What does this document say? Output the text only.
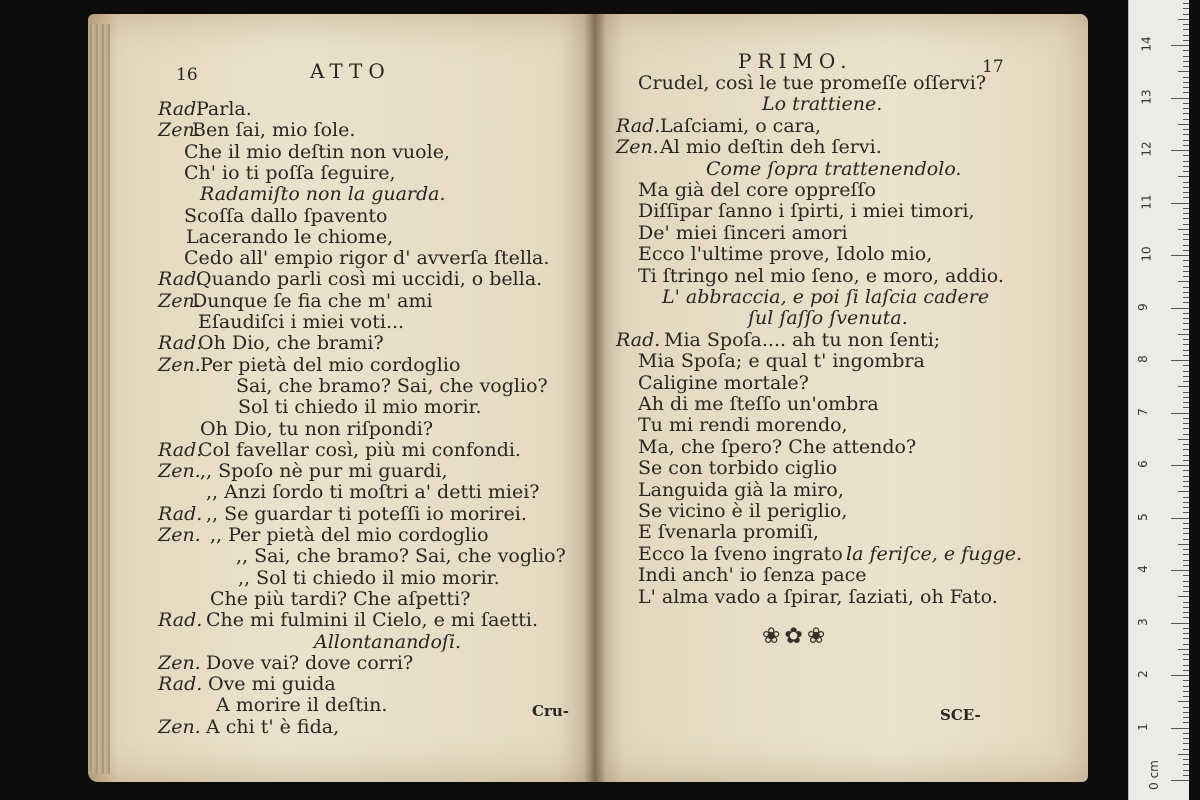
16	ATTO
Rad.
Parla.
Zen.
Ben ſai, mio ſole.
Che il mio deſtin non vuole,
Ch' io ti poſſa ſeguire,
Radamiſto non la guarda.
Scoſſa dallo ſpavento
Lacerando le chiome,
Cedo all' empio rigor d' avverſa ſtella.
Rad.
Quando parli così mi uccidi, o bella.
Zen.
Dunque ſe fia che m' ami
Eſaudiſci i miei voti...
Rad.
Oh Dio, che brami?
Zen. Per pietà del mio cordoglio
Sai, che bramo? Sai, che voglio?
Sol ti chiedo il mio morir.
Oh Dio, tu non riſpondi?
Rad.
Col favellar così, più mi confondi.
Zen. ,, Spoſo nè pur mi guardi,
,, Anzi ſordo ti moſtri a' detti miei?
Rad. ,, Se guardar ti poteſſi io morirei.
Zen. ,, Per pietà del mio cordoglio
,, Sai, che bramo? Sai, che voglio?
,, Sol ti chiedo il mio morir.
Che più tardi? Che aſpetti?
Rad. Che mi fulmini il Cielo, e mi ſaetti.
Allontanandoſi.
Zen. Dove vai? dove corri?
Rad. Ove mi guida
A morire il deſtin.
Zen. A chi t' è fida,
Cru-
PRIMO.	17
Crudel, così le tue promeſſe oſſervi?
Lo trattiene.
Rad. Laſciami, o cara,
Zen. Al mio deſtin deh ſervi.
Come ſopra trattenendolo.
Ma già del core oppreſſo
Diſſipar ſanno i ſpirti, i miei timori,
De' miei ſinceri amori
Ecco l'ultime prove, Idolo mio,
Ti ſtringo nel mio ſeno, e moro, addio.
L' abbraccia, e poi ſi laſcia cadere
ſul ſaſſo ſvenuta.
Rad. Mia Spoſa.... ah tu non ſenti;
Mia Spoſa; e qual t' ingombra
Caligine mortale?
Ah di me ſteſſo un'ombra
Tu mi rendi morendo,
Ma, che ſpero? Che attendo?
Se con torbido ciglio
Languida già la miro,
Se vicino è il periglio,
E ſvenarla promiſi,
Ecco la ſveno ingrato la feriſce, e fugge.
Indi anch' io ſenza pace
L' alma vado a ſpirar, ſaziati, oh Fato.
❀✿❀
SCE-
0 cm
1
2
3
4
5
6
7
8
9
10
11
12
13
14
